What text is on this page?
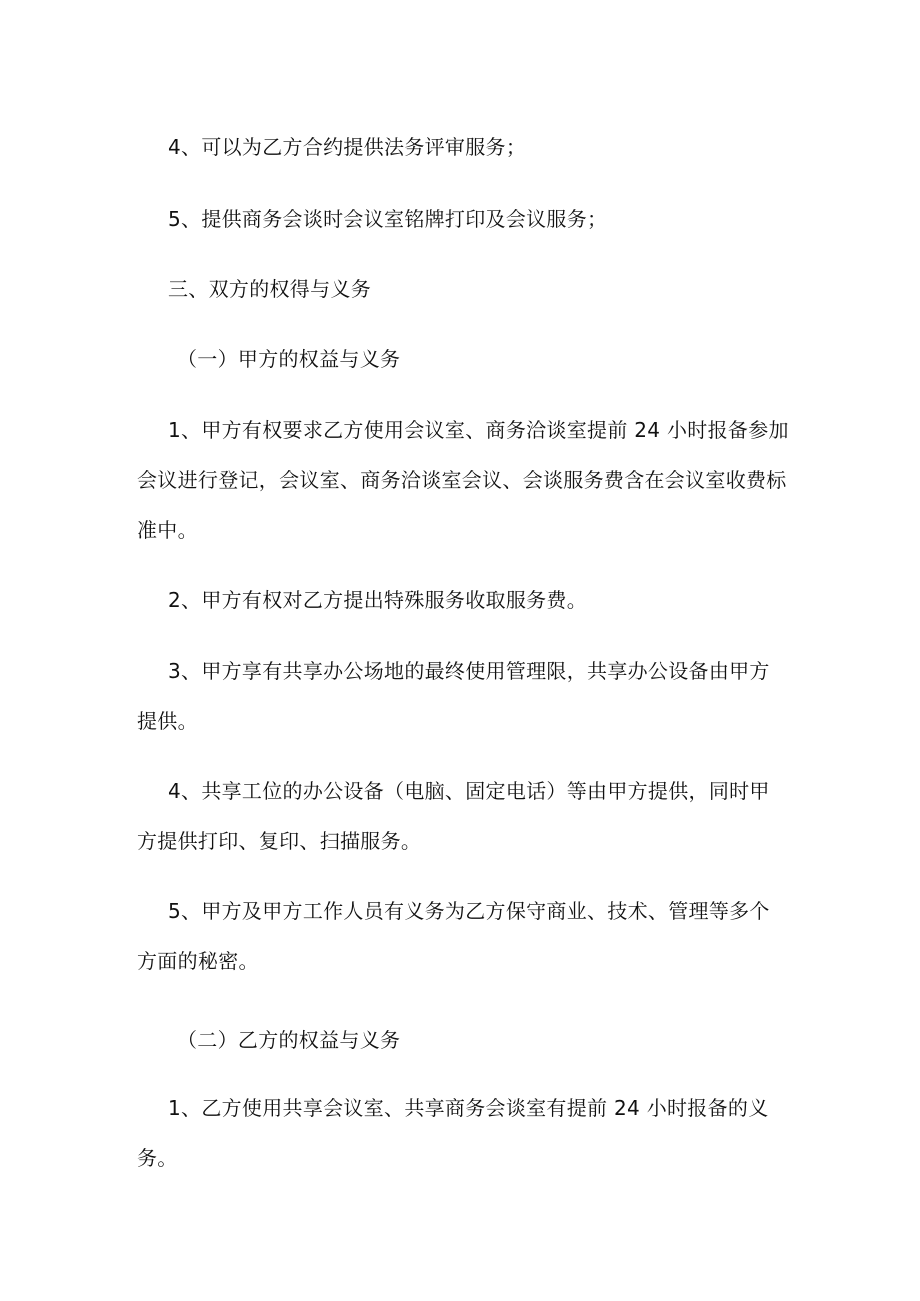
4、可以为乙方合约提供法务评审服务；

5、提供商务会谈时会议室铭牌打印及会议服务；

三、双方的权得与义务

（一）甲方的权益与义务

1、甲方有权要求乙方使用会议室、商务洽谈室提前 24 小时报备参加会议进行登记，会议室、商务洽谈室会议、会谈服务费含在会议室收费标准中。

2、甲方有权对乙方提出特殊服务收取服务费。

3、甲方享有共享办公场地的最终使用管理限，共享办公设备由甲方提供。

4、共享工位的办公设备（电脑、固定电话）等由甲方提供，同时甲方提供打印、复印、扫描服务。

5、甲方及甲方工作人员有义务为乙方保守商业、技术、管理等多个方面的秘密。

（二）乙方的权益与义务

1、乙方使用共享会议室、共享商务会谈室有提前 24 小时报备的义务。
